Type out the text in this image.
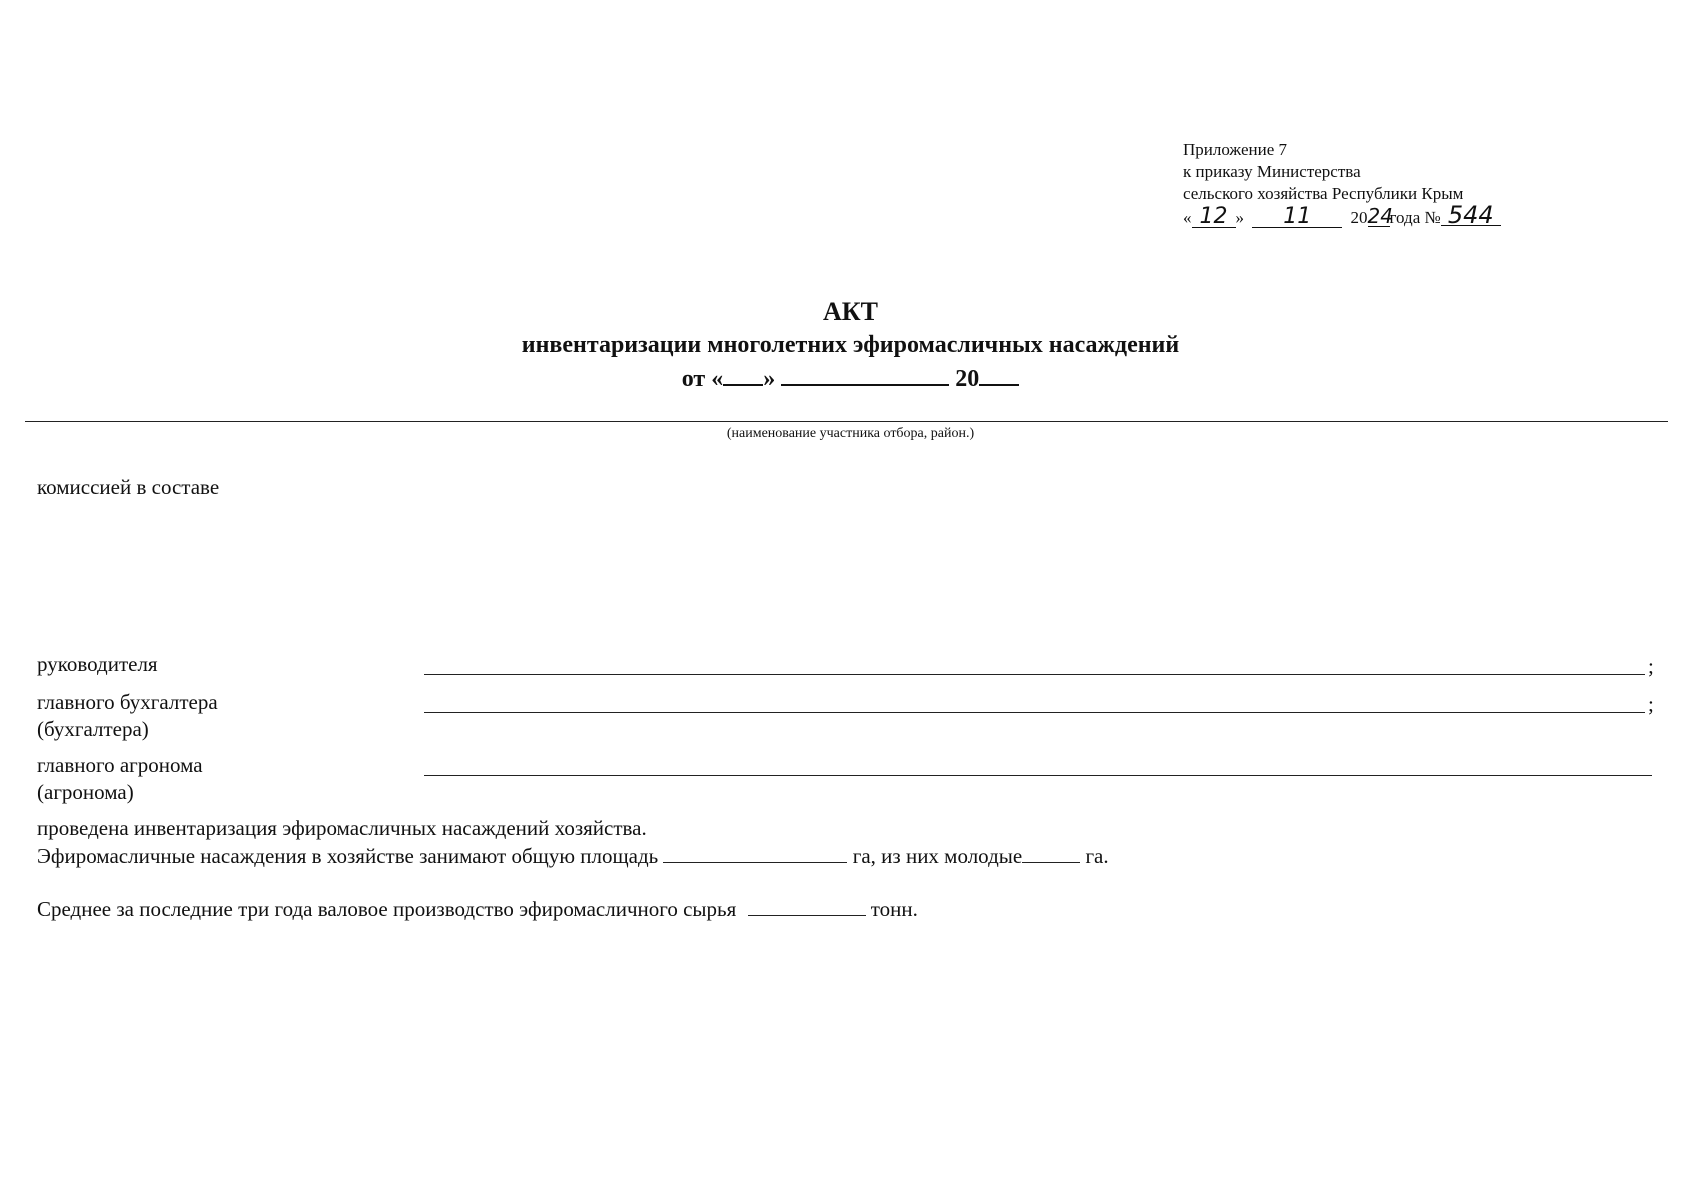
Приложение 7
к приказу Министерства
сельского хозяйства Республики Крым
« 12 » 11 2024года № 544
АКТ
инвентаризации многолетних эфиромасличных насаждений
от « »	20
(наименование участника отбора, район.)
комиссией в составе
руководителя	;
главного бухгалтера
(бухгалтера)
;
главного агронома
(агронома)
проведена инвентаризация эфиромасличных насаждений хозяйства.
Эфиромасличные насаждения в хозяйстве занимают общую площадь	га, из них молодые	га.
Среднее за последние три года валовое производство эфиромасличного сырья	тонн.
